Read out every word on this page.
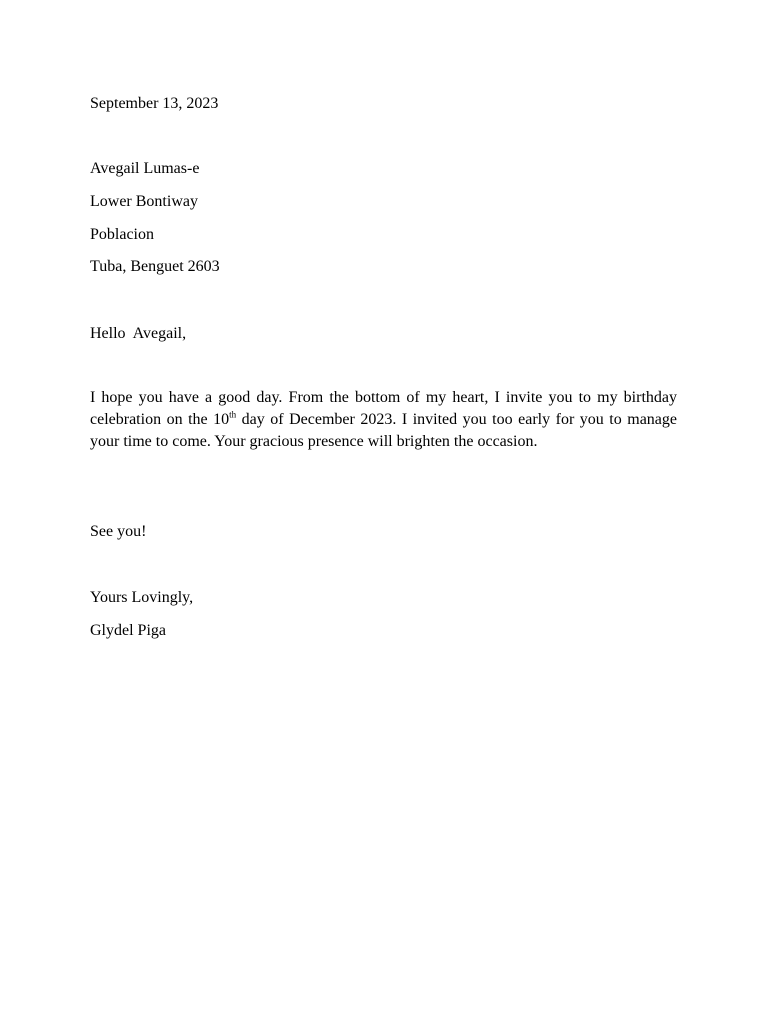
September 13, 2023

Avegail Lumas-e

Lower Bontiway

Poblacion

Tuba, Benguet 2603

Hello  Avegail,

I hope you have a good day. From the bottom of my heart, I invite you to my birthday celebration on the 10th day of December 2023. I invited you too early for you to manage your time to come. Your gracious presence will brighten the occasion.

See you!

Yours Lovingly,

Glydel Piga
